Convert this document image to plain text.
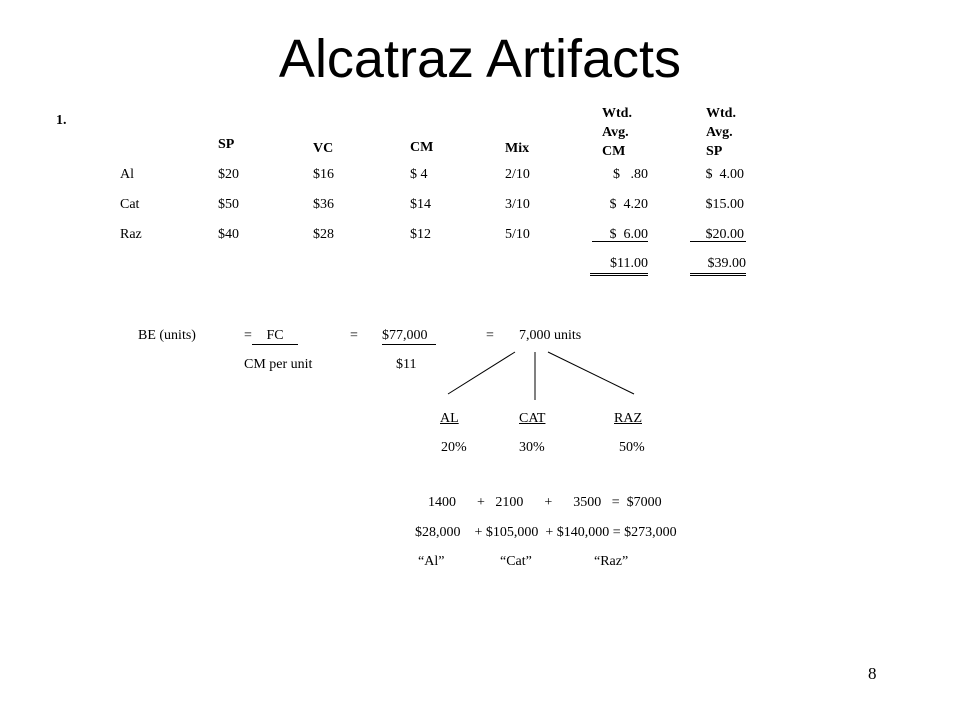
Alcatraz Artifacts
1.
SP	VC	CM	Mix
Wtd.
Avg.
CM
Wtd.
Avg.
SP
Al	$20	$16	$ 4	2/10	$   .80	$  4.00
Cat	$50	$36	$14	3/10	$  4.20	$15.00
Raz	$40	$28	$12	5/10	$  6.00	$20.00
$11.00	$39.00
BE (units)	=	FC
CM per unit
= $77,000
$11
= 7,000 units
AL	CAT	RAZ
20%	30%	50%
1400      +   2100      +      3500   =  $7000
$28,000    + $105,000  + $140,000 = $273,000
“Al”	“Cat”	“Raz”
8
